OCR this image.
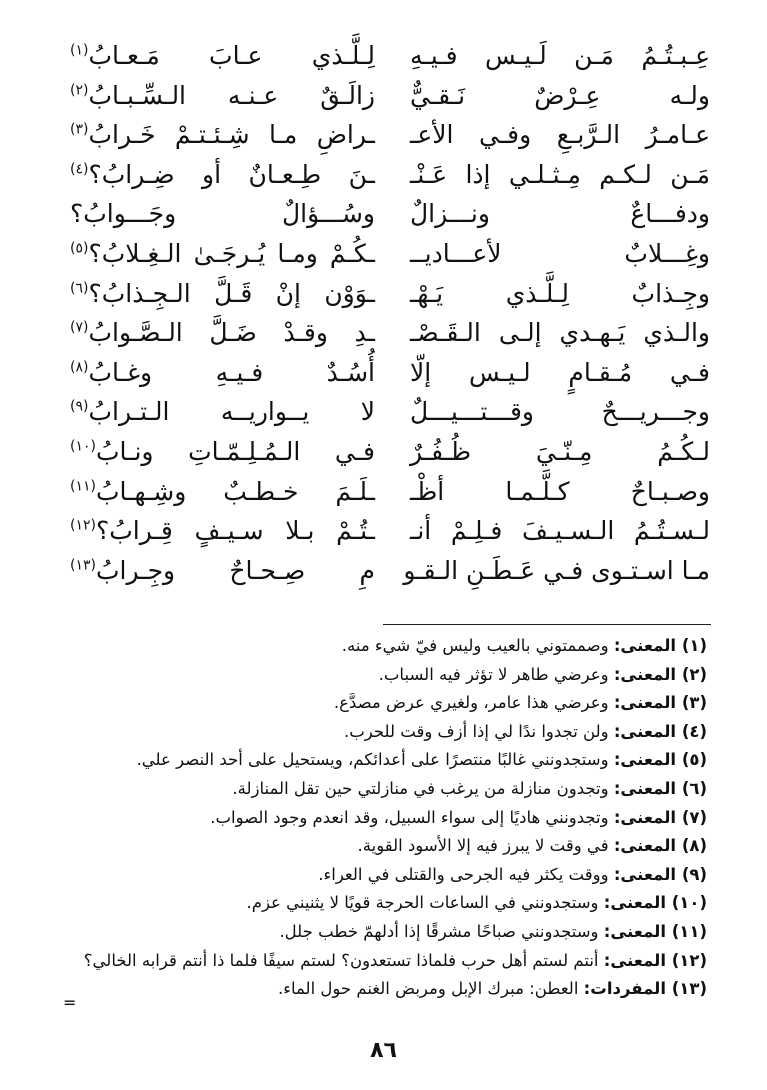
عِـبـتُـمُ مَـن لَـيـس فـيـهِ
لِـلَّـذي عـابَ مَـعـابُ$^{(١)}$
ولـه عِـرْضٌ نَـقـيٌّ
زالَـقٌ عـنـه الـسِّـبـابُ$^{(٢)}$
عـامـرُ الـرَّبـعِ وفـي الأعـ
ـراضِ مـا شِـئـتـمْ خَـرابُ$^{(٣)}$
مَـن لـكـم مِـثـلـي إذا عَـنْـ
ـنَ طِـعـانٌ أو ضِـرابُ؟$^{(٤)}$
ودفـــاعٌ ونـــزالٌ
وسُـــؤالٌ وجَـــوابُ؟
وغِـــلابٌ لأعـــادیــ
ـكُـمْ ومـا يُـرجَـىٰ الـغِـلابُ؟$^{(٥)}$
وجِـذابٌ لِـلَّـذي يَـهْـ
ـوَوْن إنْ قَـلَّ الـجِـذابُ؟$^{(٦)}$
والـذي يَـهـدي إلـى الـقَـصْـ
ـدِ وقـدْ ضَـلَّ الـصَّـوابُ$^{(٧)}$
فـي مُـقـامٍ لـيـس إلّا
أُسُـدٌ فـيـهِ وغـابُ$^{(٨)}$
وجـــريـــحٌ وقـــتـــيـــلٌ
لا يــواريــه الـتـرابُ$^{(٩)}$
لـكُـمُ مِـنّـيَ ظُـفُـرٌ
فـي الـمُـلِـمّـاتِ ونـابُ$^{(١٠)}$
وصـبـاحٌ كـلَّـمـا أظْـ
ـلَـمَ خـطـبٌ وشِـهـابُ$^{(١١)}$
لـسـتُـمُ الـسـيـفَ فـلِـمْ أنـ
ـتُـمْ بـلا سـيـفٍ قِـرابُ؟$^{(١٢)}$
مـا اسـتـوى فـي عَـطَـنِ الـقـو
مِ صِـحـاحٌ وجِـرابُ$^{(١٣)}$
(١) المعنى: وصممتوني بالعيب وليس فيّ شيء منه.
(٢) المعنى: وعرضي طاهر لا تؤثر فيه السباب.
(٣) المعنى: وعرضي هذا عامر، ولغيري عرض مصدَّع.
(٤) المعنى: ولن تجدوا ندًا لي إذا أزف وقت للحرب.
(٥) المعنى: وستجدونني غالبًا منتصرًا على أعدائكم، ويستحيل على أحد النصر علي.
(٦) المعنى: وتجدون منازلة من يرغب في منازلتي حين تقل المنازلة.
(٧) المعنى: وتجدونني هاديًا إلى سواء السبيل، وقد انعدم وجود الصواب.
(٨) المعنى: في وقت لا يبرز فيه إلا الأسود القوية.
(٩) المعنى: ووقت يكثر فيه الجرحى والقتلى في العراء.
(١٠) المعنى: وستجدونني في الساعات الحرجة قويًا لا يثنيني عزم.
(١١) المعنى: وستجدونني صباحًا مشرقًا إذا أدلهمّ خطب جلل.
(١٢) المعنى: أنتم لستم أهل حرب فلماذا تستعدون؟ لستم سيفًا فلما ذا أنتم قرابه الخالي؟
(١٣) المفردات: العطن: مبرك الإبل ومربض الغنم حول الماء.
=
٨٦
